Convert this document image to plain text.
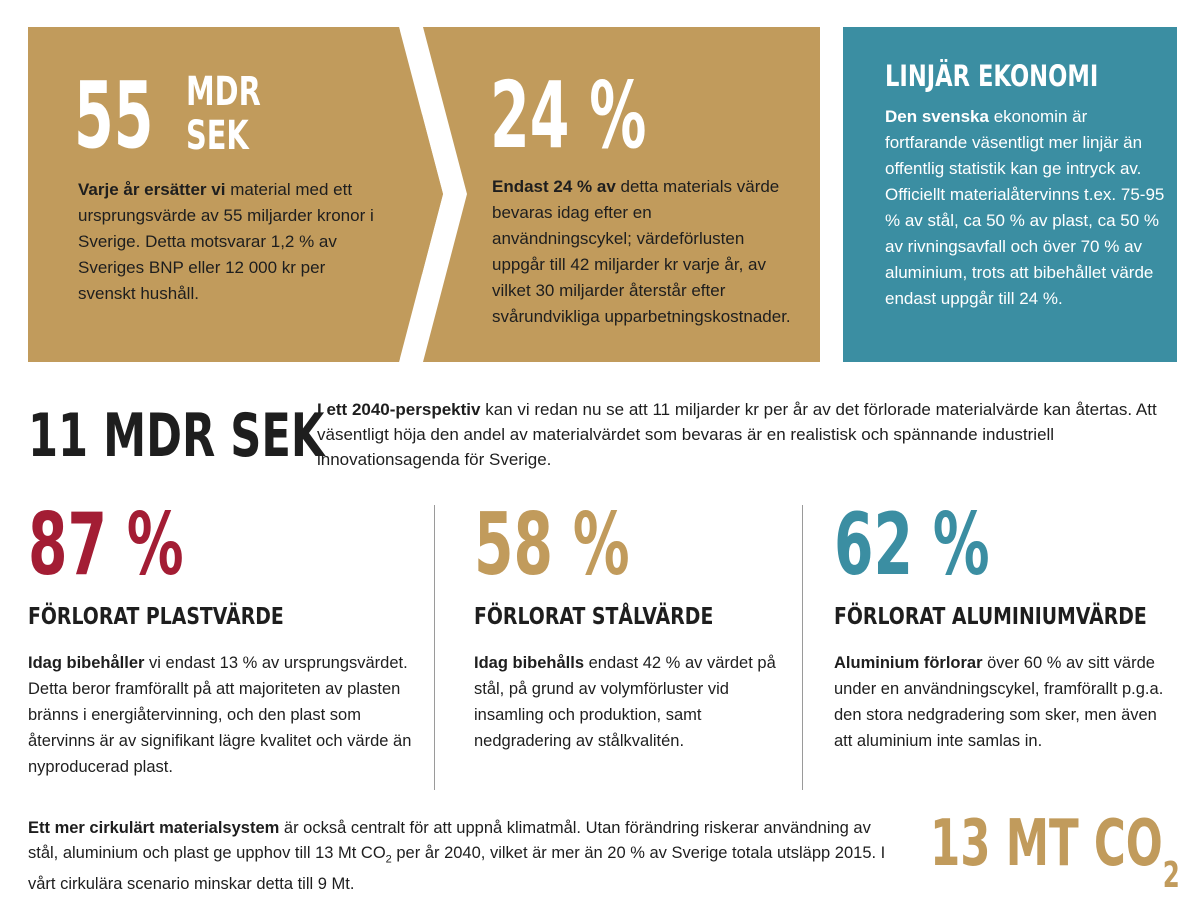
55 MDR
SEK
Varje år ersätter vi material med ett ursprungsvärde av 55 miljarder kronor i Sverige. Detta motsvarar 1,2 % av Sveriges BNP eller 12 000 kr per svenskt hushåll.
24 %
Endast 24 % av detta materials värde bevaras idag efter en användningscykel; värdeförlusten uppgår till 42 miljarder kr varje år, av vilket 30 miljarder återstår efter svårundvikliga upparbetningskostnader.
LINJÄR EKONOMI
Den svenska ekonomin är fortfarande väsentligt mer linjär än offentlig statistik kan ge intryck av. Officiellt materialåtervinns t.ex. 75-95 % av stål, ca 50 % av plast, ca 50 % av rivningsavfall och över 70 % av aluminium, trots att bibehållet värde endast uppgår till 24 %.
11 MDR SEK
I ett 2040-perspektiv kan vi redan nu se att 11 miljarder kr per år av det förlorade materialvärde kan återtas. Att väsentligt höja den andel av materialvärdet som bevaras är en realistisk och spännande industriell innovationsagenda för Sverige.
87 %
FÖRLORAT PLASTVÄRDE
Idag bibehåller vi endast 13 % av ursprungsvärdet. Detta beror framförallt på att majoriteten av plasten bränns i energiåtervinning, och den plast som återvinns är av signifikant lägre kvalitet och värde än nyproducerad plast.
58 %
FÖRLORAT STÅLVÄRDE
Idag bibehålls endast 42 % av värdet på stål, på grund av volymförluster vid insamling och produktion, samt nedgradering av stålkvalitén.
62 %
FÖRLORAT ALUMINIUMVÄRDE
Aluminium förlorar över 60 % av sitt värde under en användningscykel, framförallt p.g.a. den stora nedgradering som sker, men även att aluminium inte samlas in.
Ett mer cirkulärt materialsystem är också centralt för att uppnå klimatmål. Utan förändring riskerar användning av stål, aluminium och plast ge upphov till 13 Mt $CO_2$ per år 2040, vilket är mer än 20 % av Sverige totala utsläpp 2015. I vårt cirkulära scenario minskar detta till 9 Mt.
13 MT $CO_2$
